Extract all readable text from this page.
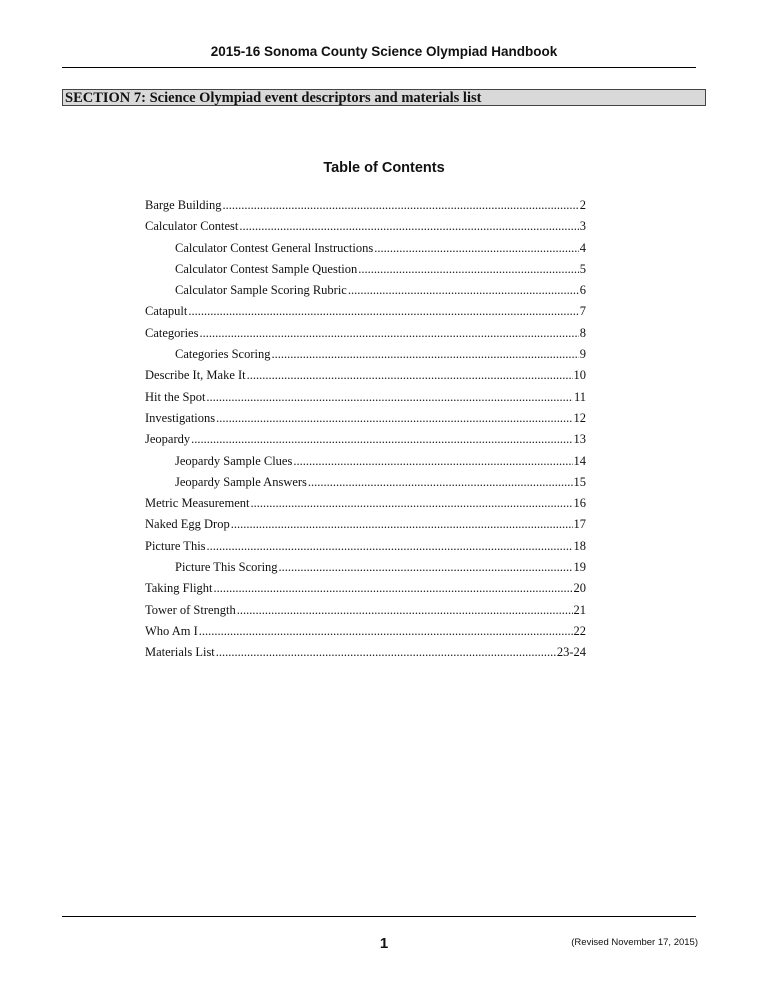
2015-16 Sonoma County Science Olympiad Handbook
SECTION 7: Science Olympiad event descriptors and materials list
Table of Contents
Barge Building .....	2
Calculator Contest .....	3
Calculator Contest General Instructions .....	4
Calculator Contest Sample Question .....	5
Calculator Sample Scoring Rubric .....	6
Catapult .....	7
Categories .....	8
Categories Scoring .....	9
Describe It, Make It .....	10
Hit the Spot .....	11
Investigations .....	12
Jeopardy .....	13
Jeopardy Sample Clues .....	14
Jeopardy Sample Answers .....	15
Metric Measurement .....	16
Naked Egg Drop .....	17
Picture This .....	18
Picture This Scoring .....	19
Taking Flight .....	20
Tower of Strength .....	21
Who Am I .....	22
Materials List .....	23-24
1	(Revised November 17, 2015)
